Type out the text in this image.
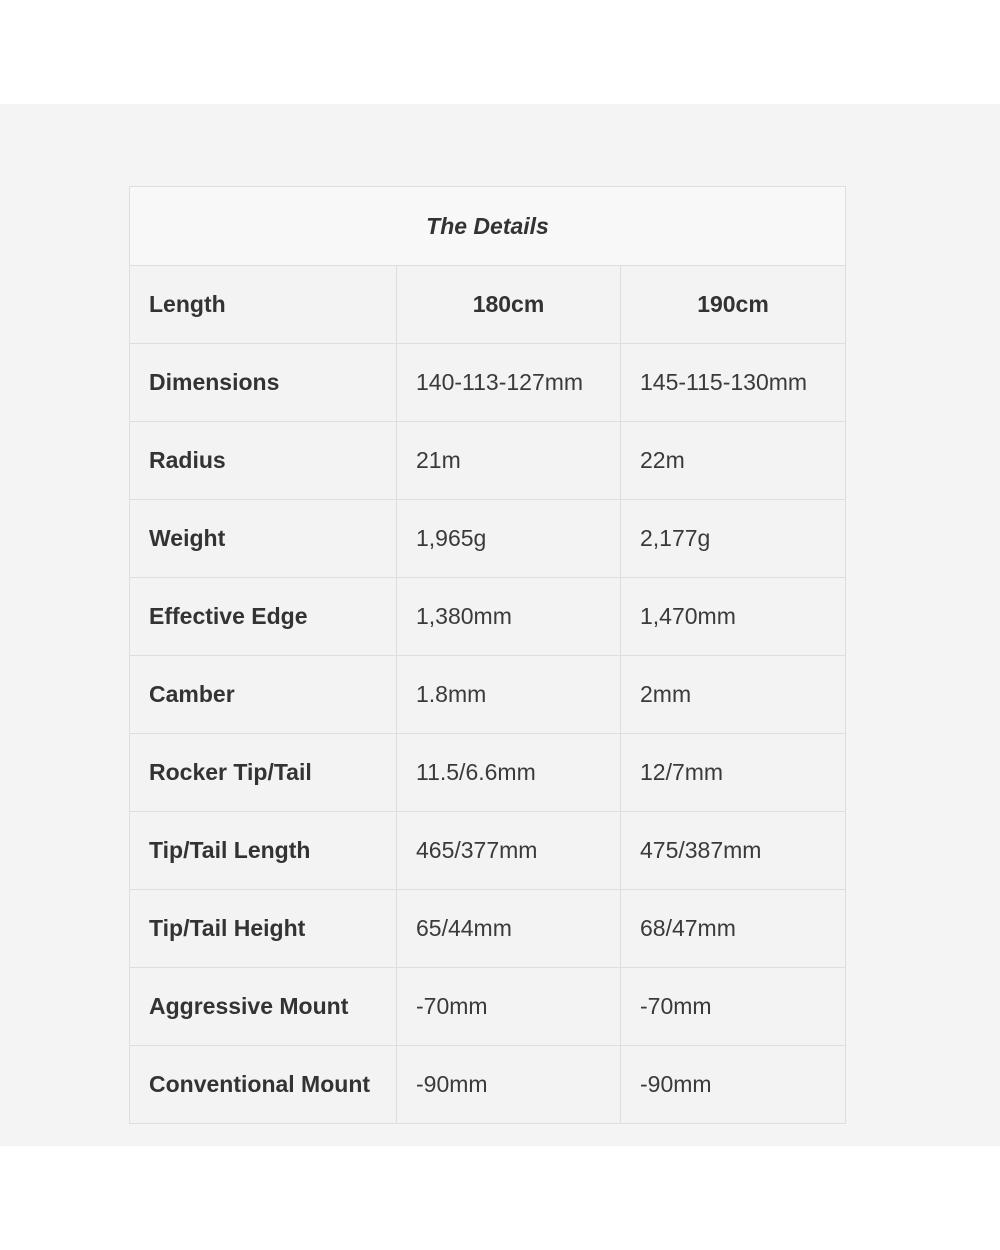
The Details		
Length	180cm	190cm
Dimensions	140-113-127mm	145-115-130mm
Radius	21m	22m
Weight	1,965g	2,177g
Effective Edge	1,380mm	1,470mm
Camber	1.8mm	2mm
Rocker Tip/Tail	11.5/6.6mm	12/7mm
Tip/Tail Length	465/377mm	475/387mm
Tip/Tail Height	65/44mm	68/47mm
Aggressive Mount	-70mm	-70mm
Conventional Mount	-90mm	-90mm
